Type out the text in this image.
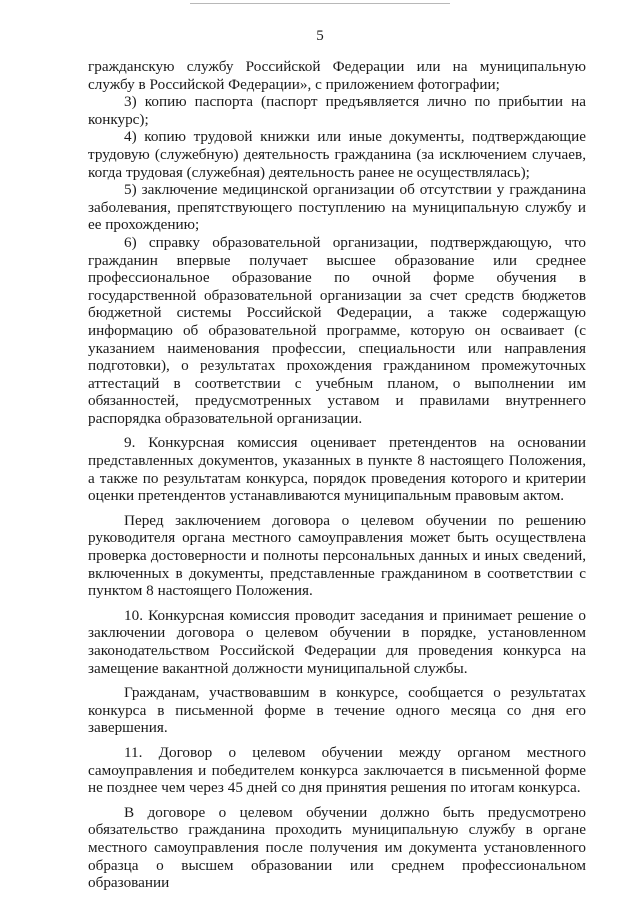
5

гражданскую службу Российской Федерации или на муниципальную службу в Российской Федерации», с приложением фотографии;

3) копию паспорта (паспорт предъявляется лично по прибытии на конкурс);

4) копию трудовой книжки или иные документы, подтверждающие трудовую (служебную) деятельность гражданина (за исключением случаев, когда трудовая (служебная) деятельность ранее не осуществлялась);

5) заключение медицинской организации об отсутствии у гражданина заболевания, препятствующего поступлению на муниципальную службу и ее прохождению;

6) справку образовательной организации, подтверждающую, что гражданин впервые получает высшее образование или среднее профессиональное образование по очной форме обучения в государственной образовательной организации за счет средств бюджетов бюджетной системы Российской Федерации, а также содержащую информацию об образовательной программе, которую он осваивает (с указанием наименования профессии, специальности или направления подготовки), о результатах прохождения гражданином промежуточных аттестаций в соответствии с учебным планом, о выполнении им обязанностей, предусмотренных уставом и правилами внутреннего распорядка образовательной организации.

9. Конкурсная комиссия оценивает претендентов на основании представленных документов, указанных в пункте 8 настоящего Положения, а также по результатам конкурса, порядок проведения которого и критерии оценки претендентов устанавливаются муниципальным правовым актом.

Перед заключением договора о целевом обучении по решению руководителя органа местного самоуправления может быть осуществлена проверка достоверности и полноты персональных данных и иных сведений, включенных в документы, представленные гражданином в соответствии с пунктом 8 настоящего Положения.

10. Конкурсная комиссия проводит заседания и принимает решение о заключении договора о целевом обучении в порядке, установленном законодательством Российской Федерации для проведения конкурса на замещение вакантной должности муниципальной службы.

Гражданам, участвовавшим в конкурсе, сообщается о результатах конкурса в письменной форме в течение одного месяца со дня его завершения.

11. Договор о целевом обучении между органом местного самоуправления и победителем конкурса заключается в письменной форме не позднее чем через 45 дней со дня принятия решения по итогам конкурса.

В договоре о целевом обучении должно быть предусмотрено обязательство гражданина проходить муниципальную службу в органе местного самоуправления после получения им документа установленного образца о высшем образовании или среднем профессиональном образовании
